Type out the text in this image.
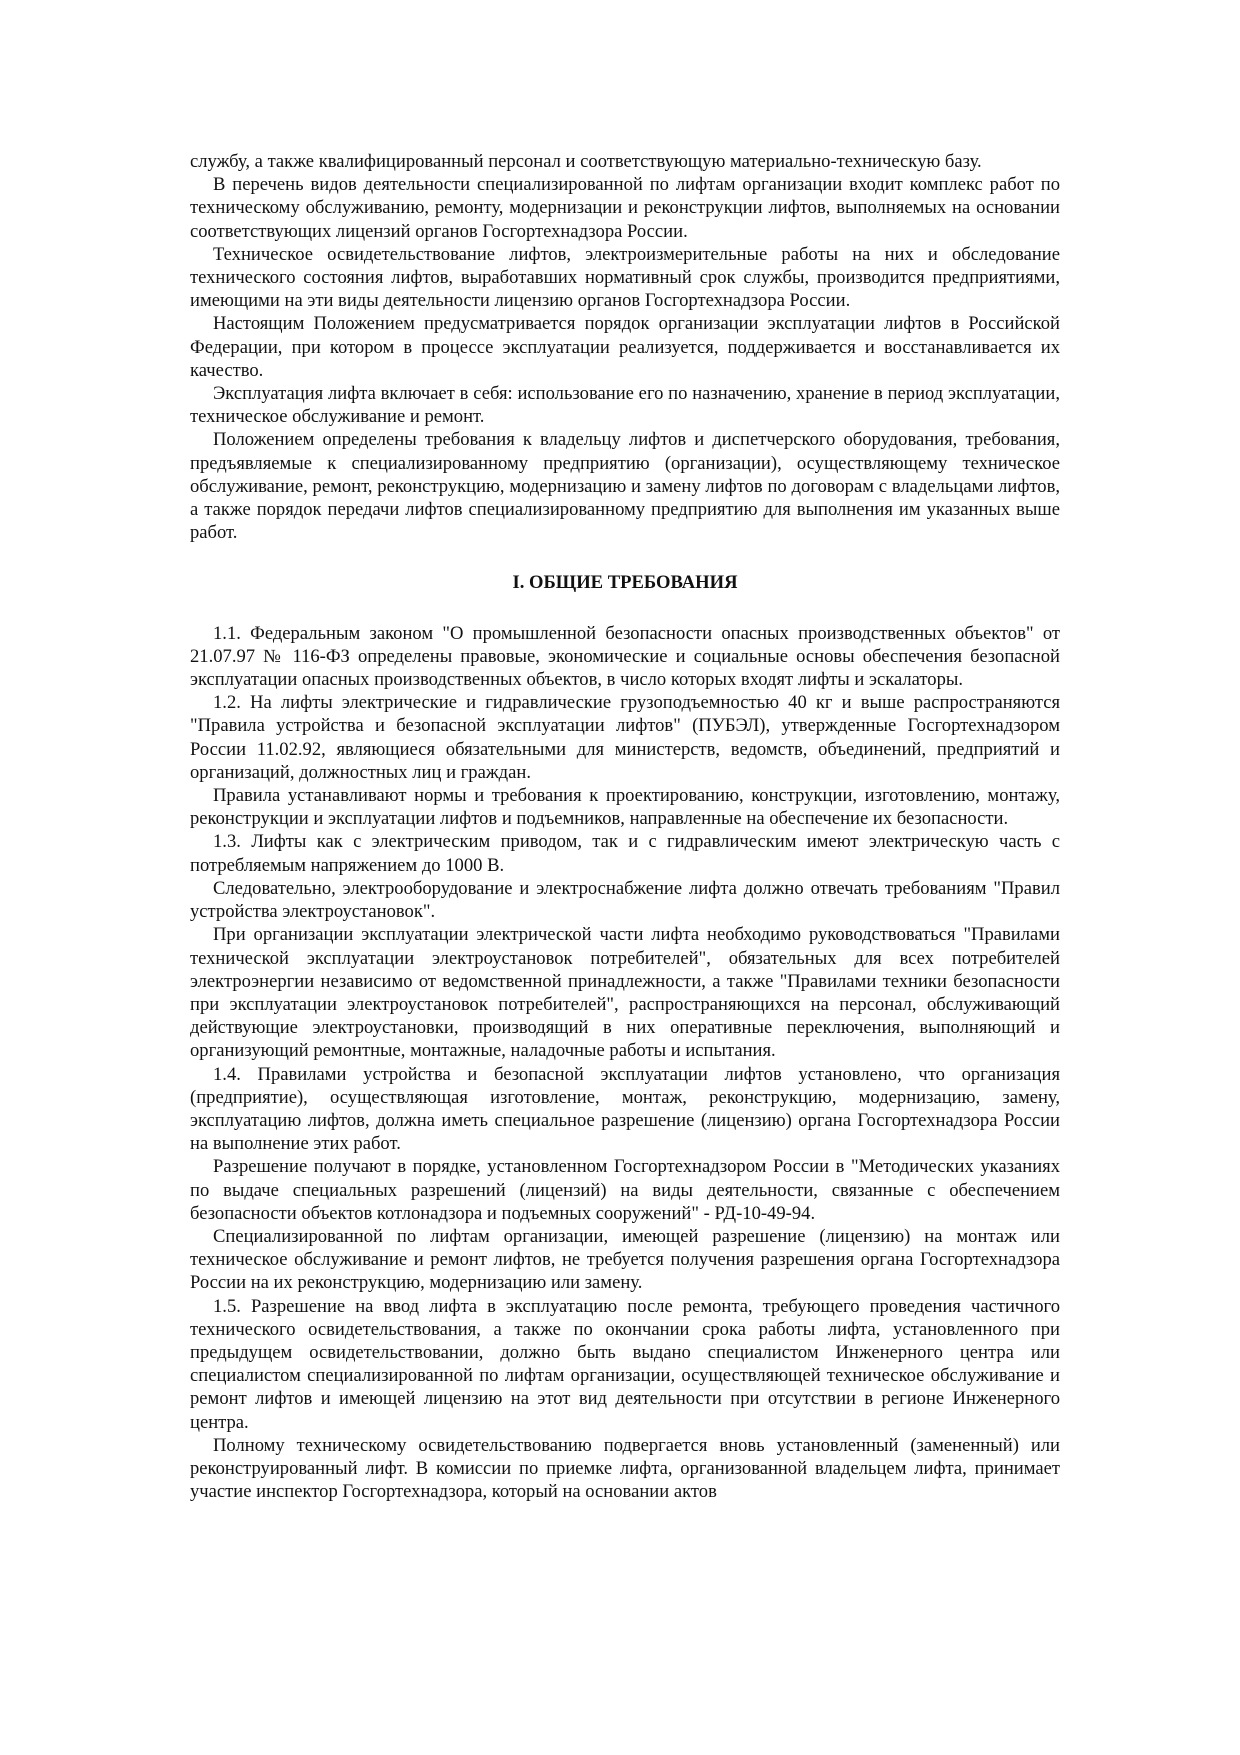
службу, а также квалифицированный персонал и соответствующую материально-техническую базу.

В перечень видов деятельности специализированной по лифтам организации входит комплекс работ по техническому обслуживанию, ремонту, модернизации и реконструкции лифтов, выполняемых на основании соответствующих лицензий органов Госгортехнадзора России.

Техническое освидетельствование лифтов, электроизмерительные работы на них и обследование технического состояния лифтов, выработавших нормативный срок службы, производится предприятиями, имеющими на эти виды деятельности лицензию органов Госгортехнадзора России.

Настоящим Положением предусматривается порядок организации эксплуатации лифтов в Российской Федерации, при котором в процессе эксплуатации реализуется, поддерживается и восстанавливается их качество.

Эксплуатация лифта включает в себя: использование его по назначению, хранение в период эксплуатации, техническое обслуживание и ремонт.

Положением определены требования к владельцу лифтов и диспетчерского оборудования, требования, предъявляемые к специализированному предприятию (организации), осуществляющему техническое обслуживание, ремонт, реконструкцию, модернизацию и замену лифтов по договорам с владельцами лифтов, а также порядок передачи лифтов специализированному предприятию для выполнения им указанных выше работ.

I. ОБЩИЕ ТРЕБОВАНИЯ

1.1. Федеральным законом "О промышленной безопасности опасных производственных объектов" от 21.07.97 № 116-ФЗ определены правовые, экономические и социальные основы обеспечения безопасной эксплуатации опасных производственных объектов, в число которых входят лифты и эскалаторы.

1.2. На лифты электрические и гидравлические грузоподъемностью 40 кг и выше распространяются "Правила устройства и безопасной эксплуатации лифтов" (ПУБЭЛ), утвержденные Госгортехнадзором России 11.02.92, являющиеся обязательными для министерств, ведомств, объединений, предприятий и организаций, должностных лиц и граждан.

Правила устанавливают нормы и требования к проектированию, конструкции, изготовлению, монтажу, реконструкции и эксплуатации лифтов и подъемников, направленные на обеспечение их безопасности.

1.3. Лифты как с электрическим приводом, так и с гидравлическим имеют электрическую часть с потребляемым напряжением до 1000 В.

Следовательно, электрооборудование и электроснабжение лифта должно отвечать требованиям "Правил устройства электроустановок".

При организации эксплуатации электрической части лифта необходимо руководствоваться "Правилами технической эксплуатации электроустановок потребителей", обязательных для всех потребителей электроэнергии независимо от ведомственной принадлежности, а также "Правилами техники безопасности при эксплуатации электроустановок потребителей", распространяющихся на персонал, обслуживающий действующие электроустановки, производящий в них оперативные переключения, выполняющий и организующий ремонтные, монтажные, наладочные работы и испытания.

1.4. Правилами устройства и безопасной эксплуатации лифтов установлено, что организация (предприятие), осуществляющая изготовление, монтаж, реконструкцию, модернизацию, замену, эксплуатацию лифтов, должна иметь специальное разрешение (лицензию) органа Госгортехнадзора России на выполнение этих работ.

Разрешение получают в порядке, установленном Госгортехнадзором России в "Методических указаниях по выдаче специальных разрешений (лицензий) на виды деятельности, связанные с обеспечением безопасности объектов котлонадзора и подъемных сооружений" - РД-10-49-94.

Специализированной по лифтам организации, имеющей разрешение (лицензию) на монтаж или техническое обслуживание и ремонт лифтов, не требуется получения разрешения органа Госгортехнадзора России на их реконструкцию, модернизацию или замену.

1.5. Разрешение на ввод лифта в эксплуатацию после ремонта, требующего проведения частичного технического освидетельствования, а также по окончании срока работы лифта, установленного при предыдущем освидетельствовании, должно быть выдано специалистом Инженерного центра или специалистом специализированной по лифтам организации, осуществляющей техническое обслуживание и ремонт лифтов и имеющей лицензию на этот вид деятельности при отсутствии в регионе Инженерного центра.

Полному техническому освидетельствованию подвергается вновь установленный (замененный) или реконструированный лифт. В комиссии по приемке лифта, организованной владельцем лифта, принимает участие инспектор Госгортехнадзора, который на основании актов
